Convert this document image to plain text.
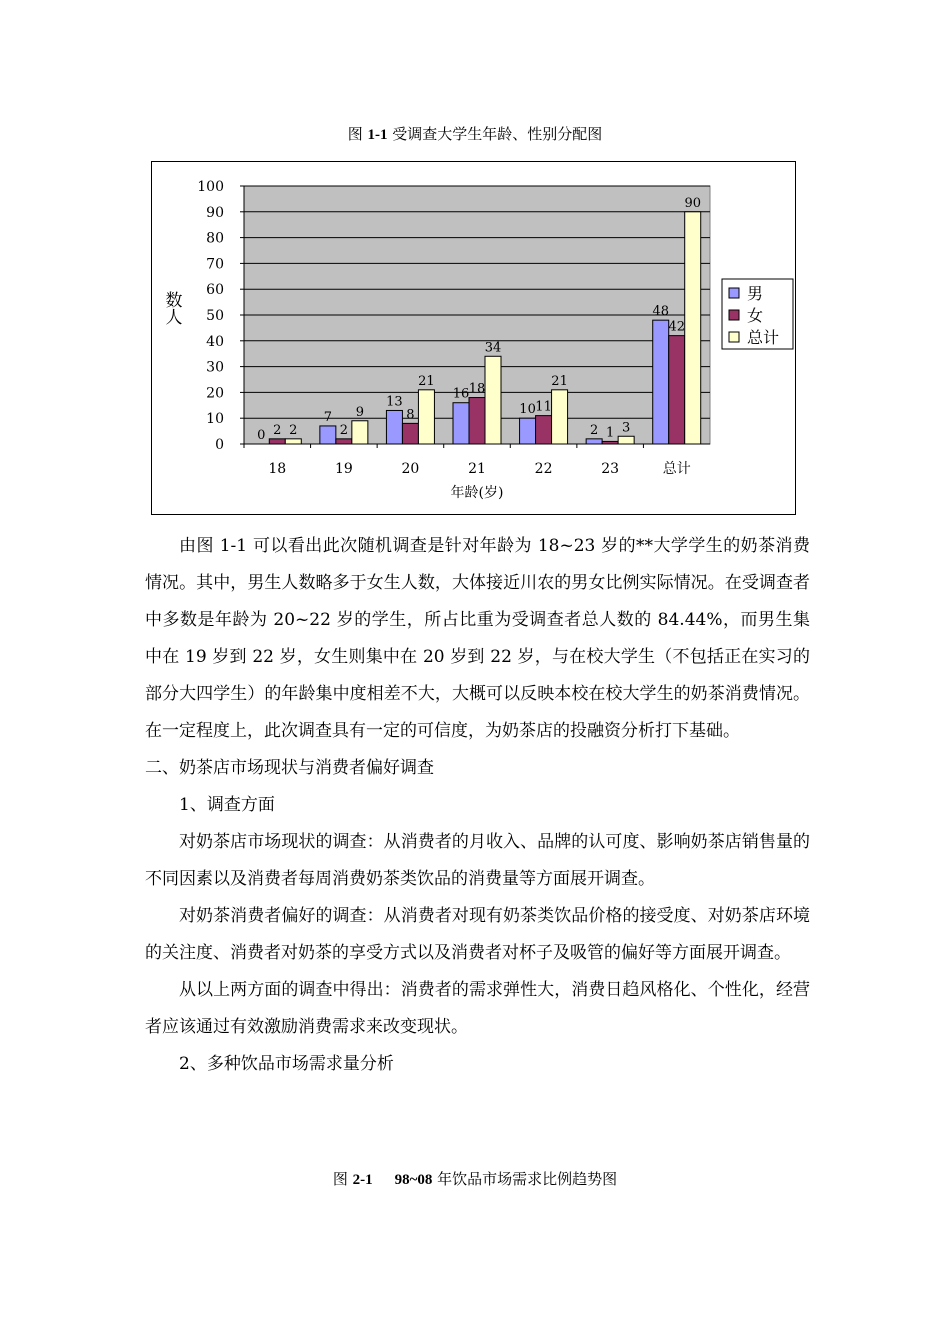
图 1-1 受调查大学生年龄、性别分配图
0
10
20
30
40
50
60
70
80
90
100
0 2 2
18
7
2
9
19
13
8
21
20
16 18
34
21
10 11
21
22
2 1 3
23
48
42
90
总计
年龄(岁)
数
人
男
女
总计

由图 1-1 可以看出此次随机调查是针对年龄为 18~23 岁的**大学学生的奶茶消费情况。其中，男生人数略多于女生人数，大体接近川农的男女比例实际情况。在受调查者中多数是年龄为 20~22 岁的学生，所占比重为受调查者总人数的 84.44%，而男生集中在 19 岁到 22 岁，女生则集中在 20 岁到 22 岁，与在校大学生（不包括正在实习的部分大四学生）的年龄集中度相差不大，大概可以反映本校在校大学生的奶茶消费情况。在一定程度上，此次调查具有一定的可信度，为奶茶店的投融资分析打下基础。

二、奶茶店市场现状与消费者偏好调查

1、调查方面

对奶茶店市场现状的调查：从消费者的月收入、品牌的认可度、影响奶茶店销售量的不同因素以及消费者每周消费奶茶类饮品的消费量等方面展开调查。

对奶茶消费者偏好的调查：从消费者对现有奶茶类饮品价格的接受度、对奶茶店环境的关注度、消费者对奶茶的享受方式以及消费者对杯子及吸管的偏好等方面展开调查。

从以上两方面的调查中得出：消费者的需求弹性大，消费日趋风格化、个性化，经营者应该通过有效激励消费需求来改变现状。

2、多种饮品市场需求量分析

图 2-1 98~08 年饮品市场需求比例趋势图
